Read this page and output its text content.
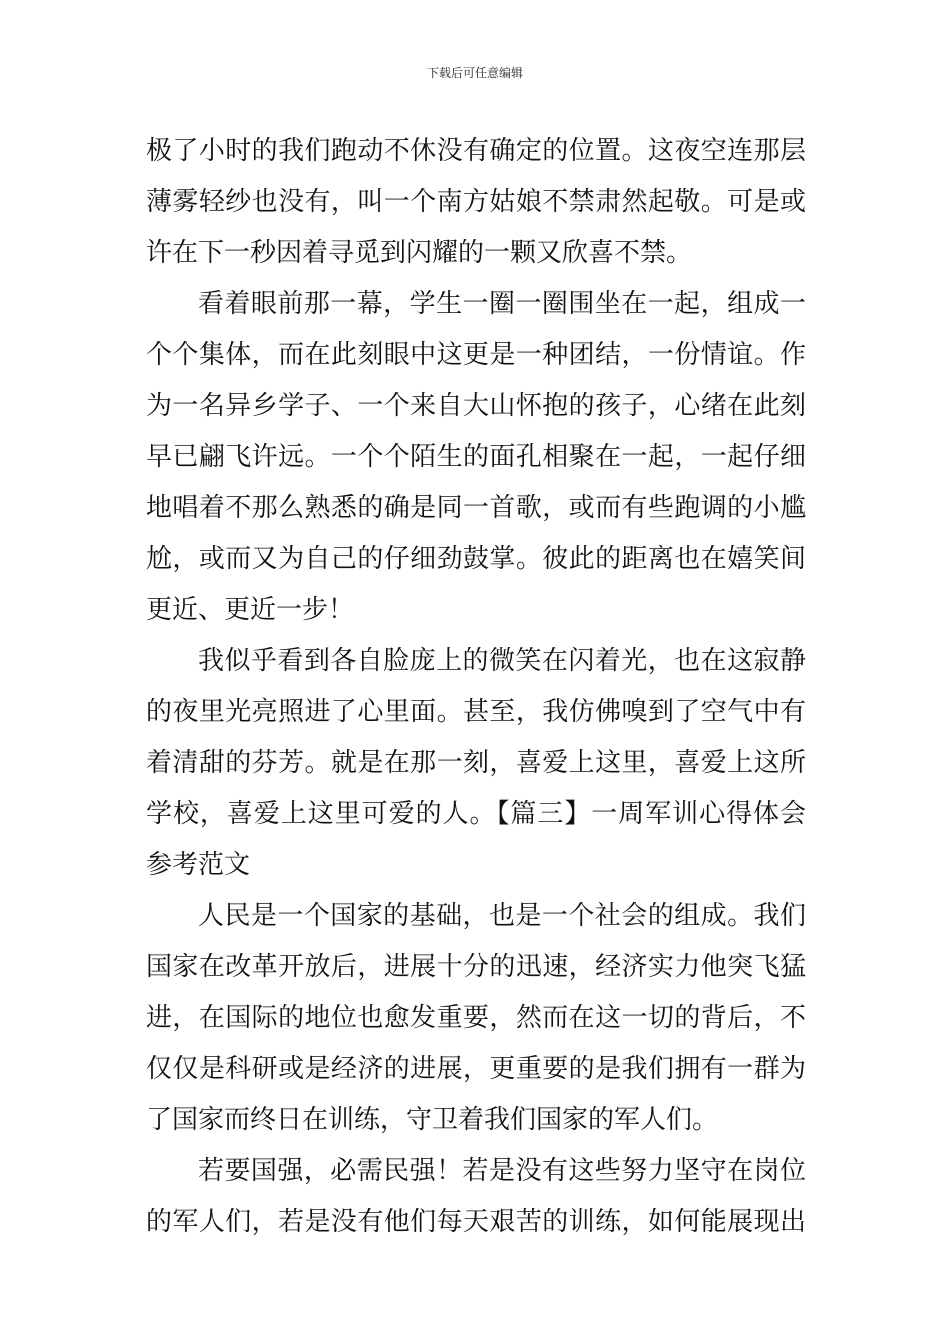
下载后可任意编辑
极了小时的我们跑动不休没有确定的位置。这夜空连那层
薄雾轻纱也没有，叫一个南方姑娘不禁肃然起敬。可是或
许在下一秒因着寻觅到闪耀的一颗又欣喜不禁。
看着眼前那一幕，学生一圈一圈围坐在一起，组成一
个个集体，而在此刻眼中这更是一种团结，一份情谊。作
为一名异乡学子、一个来自大山怀抱的孩子，心绪在此刻
早已翩飞许远。一个个陌生的面孔相聚在一起，一起仔细
地唱着不那么熟悉的确是同一首歌，或而有些跑调的小尴
尬，或而又为自己的仔细劲鼓掌。彼此的距离也在嬉笑间
更近、更近一步！
我似乎看到各自脸庞上的微笑在闪着光，也在这寂静
的夜里光亮照进了心里面。甚至，我仿佛嗅到了空气中有
着清甜的芬芳。就是在那一刻，喜爱上这里，喜爱上这所
学校，喜爱上这里可爱的人。【篇三】一周军训心得体会
参考范文
人民是一个国家的基础，也是一个社会的组成。我们
国家在改革开放后，进展十分的迅速，经济实力他突飞猛
进，在国际的地位也愈发重要，然而在这一切的背后，不
仅仅是科研或是经济的进展，更重要的是我们拥有一群为
了国家而终日在训练，守卫着我们国家的军人们。
若要国强，必需民强！若是没有这些努力坚守在岗位
的军人们，若是没有他们每天艰苦的训练，如何能展现出
